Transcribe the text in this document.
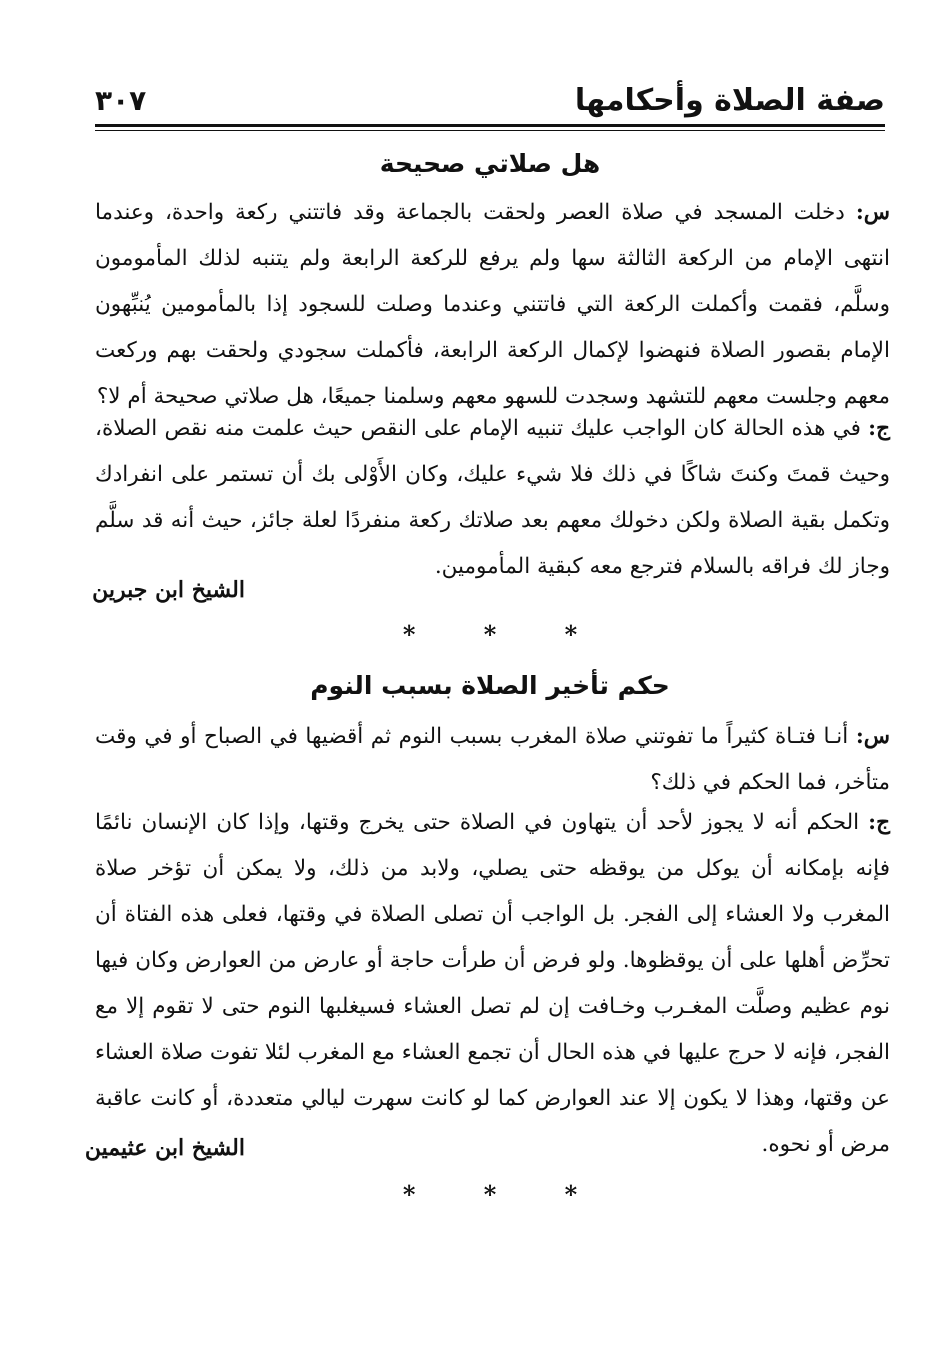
صفة الصلاة وأحكامها
٣٠٧
هل صلاتي صحيحة

س: دخلت المسجد في صلاة العصر ولحقت بالجماعة وقد فاتتني ركعة واحدة، وعندما انتهى الإمام من الركعة الثالثة سها ولم يرفع للركعة الرابعة ولم يتنبه لذلك المأمومون وسلَّم، فقمت وأكملت الركعة التي فاتتني وعندما وصلت للسجود إذا بالمأمومين يُنبِّهون الإمام بقصور الصلاة فنهضوا لإكمال الركعة الرابعة، فأكملت سجودي ولحقت بهم وركعت معهم وجلست معهم للتشهد وسجدت للسهو معهم وسلمنا جميعًا، هل صلاتي صحيحة أم لا؟

ج: في هذه الحالة كان الواجب عليك تنبيه الإمام على النقص حيث علمت منه نقص الصلاة، وحيث قمتَ وكنتَ شاكًا في ذلك فلا شيء عليك، وكان الأَوْلى بك أن تستمر على انفرادك وتكمل بقية الصلاة ولكن دخولك معهم بعد صلاتك ركعة منفردًا لعلة جائز، حيث أنه قد سلَّم وجاز لك فراقه بالسلام فترجع معه كبقية المأمومين.

الشيخ ابن جبرين
* * *
حكم تأخير الصلاة بسبب النوم

س: أنـا فتـاة كثيراً ما تفوتني صلاة المغرب بسبب النوم ثم أقضيها في الصباح أو في وقت متأخر، فما الحكم في ذلك؟

ج: الحكم أنه لا يجوز لأحد أن يتهاون في الصلاة حتى يخرج وقتها، وإذا كان الإنسان نائمًا فإنه بإمكانه أن يوكل من يوقظه حتى يصلي، ولابد من ذلك، ولا يمكن أن تؤخر صلاة المغرب ولا العشاء إلى الفجر. بل الواجب أن تصلى الصلاة في وقتها، فعلى هذه الفتاة أن تحرِّض أهلها على أن يوقظوها. ولو فرض أن طرأت حاجة أو عارض من العوارض وكان فيها نوم عظيم وصلَّت المغـرب وخـافت إن لم تصل العشاء فسيغلبها النوم حتى لا تقوم إلا مع الفجر، فإنه لا حرج عليها في هذه الحال أن تجمع العشاء مع المغرب لئلا تفوت صلاة العشاء عن وقتها، وهذا لا يكون إلا عند العوارض كما لو كانت سهرت ليالي متعددة، أو كانت عاقبة مرض أو نحوه.

الشيخ ابن عثيمين
* * *
